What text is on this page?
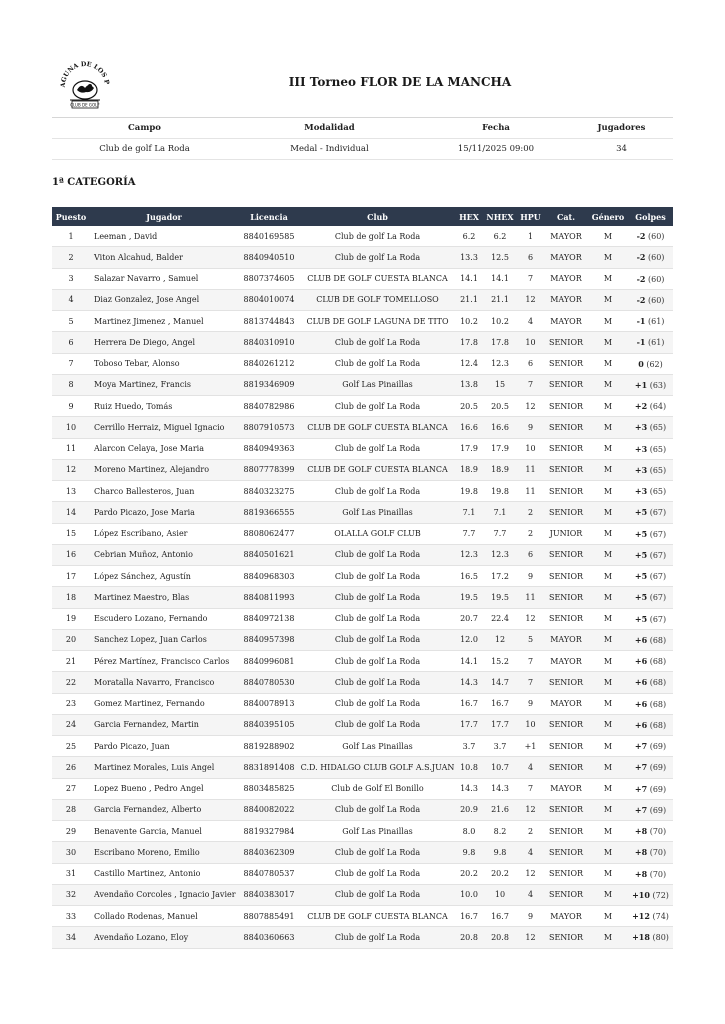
AGUNA DE LOS P
CLUB DE GOLF
III Torneo FLOR DE LA MANCHA
Campo	Modalidad	Fecha	Jugadores
Club de golf La Roda	Medal - Individual	15/11/2025 09:00	34
1ª CATEGORÍA
Puesto	Jugador	Licencia	Club	HEX	NHEX	HPU	Cat.	Género	Golpes
1	Leeman , David	8840169585	Club de golf La Roda	6.2	6.2	1	MAYOR	M	-2 (60)
2	Viton Alcahud, Balder	8840940510	Club de golf La Roda	13.3	12.5	6	MAYOR	M	-2 (60)
3	Salazar Navarro , Samuel	8807374605	CLUB DE GOLF CUESTA BLANCA	14.1	14.1	7	MAYOR	M	-2 (60)
4	Diaz Gonzalez, Jose Angel	8804010074	CLUB DE GOLF TOMELLOSO	21.1	21.1	12	MAYOR	M	-2 (60)
5	Martinez Jimenez , Manuel	8813744843	CLUB DE GOLF LAGUNA DE TITO	10.2	10.2	4	MAYOR	M	-1 (61)
6	Herrera De Diego, Angel	8840310910	Club de golf La Roda	17.8	17.8	10	SENIOR	M	-1 (61)
7	Toboso Tebar, Alonso	8840261212	Club de golf La Roda	12.4	12.3	6	SENIOR	M	0 (62)
8	Moya Martinez, Francis	8819346909	Golf Las Pinaillas	13.8	15	7	SENIOR	M	+1 (63)
9	Ruiz Huedo, Tomás	8840782986	Club de golf La Roda	20.5	20.5	12	SENIOR	M	+2 (64)
10	Cerrillo Herraiz, Miguel Ignacio	8807910573	CLUB DE GOLF CUESTA BLANCA	16.6	16.6	9	SENIOR	M	+3 (65)
11	Alarcon Celaya, Jose Maria	8840949363	Club de golf La Roda	17.9	17.9	10	SENIOR	M	+3 (65)
12	Moreno Martinez, Alejandro	8807778399	CLUB DE GOLF CUESTA BLANCA	18.9	18.9	11	SENIOR	M	+3 (65)
13	Charco Ballesteros, Juan	8840323275	Club de golf La Roda	19.8	19.8	11	SENIOR	M	+3 (65)
14	Pardo Picazo, Jose Maria	8819366555	Golf Las Pinaillas	7.1	7.1	2	SENIOR	M	+5 (67)
15	López Escribano, Asier	8808062477	OLALLA GOLF CLUB	7.7	7.7	2	JUNIOR	M	+5 (67)
16	Cebrian Muñoz, Antonio	8840501621	Club de golf La Roda	12.3	12.3	6	SENIOR	M	+5 (67)
17	López Sánchez, Agustín	8840968303	Club de golf La Roda	16.5	17.2	9	SENIOR	M	+5 (67)
18	Martinez Maestro, Blas	8840811993	Club de golf La Roda	19.5	19.5	11	SENIOR	M	+5 (67)
19	Escudero Lozano, Fernando	8840972138	Club de golf La Roda	20.7	22.4	12	SENIOR	M	+5 (67)
20	Sanchez Lopez, Juan Carlos	8840957398	Club de golf La Roda	12.0	12	5	MAYOR	M	+6 (68)
21	Pérez Martínez, Francisco Carlos	8840996081	Club de golf La Roda	14.1	15.2	7	MAYOR	M	+6 (68)
22	Moratalla Navarro, Francisco	8840780530	Club de golf La Roda	14.3	14.7	7	SENIOR	M	+6 (68)
23	Gomez Martinez, Fernando	8840078913	Club de golf La Roda	16.7	16.7	9	MAYOR	M	+6 (68)
24	Garcia Fernandez, Martin	8840395105	Club de golf La Roda	17.7	17.7	10	SENIOR	M	+6 (68)
25	Pardo Picazo, Juan	8819288902	Golf Las Pinaillas	3.7	3.7	+1	SENIOR	M	+7 (69)
26	Martinez Morales, Luis Angel	8831891408	C.D. HIDALGO CLUB GOLF A.S.JUAN	10.8	10.7	4	SENIOR	M	+7 (69)
27	Lopez Bueno , Pedro Angel	8803485825	Club de Golf El Bonillo	14.3	14.3	7	MAYOR	M	+7 (69)
28	Garcia Fernandez, Alberto	8840082022	Club de golf La Roda	20.9	21.6	12	SENIOR	M	+7 (69)
29	Benavente Garcia, Manuel	8819327984	Golf Las Pinaillas	8.0	8.2	2	SENIOR	M	+8 (70)
30	Escribano Moreno, Emilio	8840362309	Club de golf La Roda	9.8	9.8	4	SENIOR	M	+8 (70)
31	Castillo Martinez, Antonio	8840780537	Club de golf La Roda	20.2	20.2	12	SENIOR	M	+8 (70)
32	Avendaño Corcoles , Ignacio Javier	8840383017	Club de golf La Roda	10.0	10	4	SENIOR	M	+10 (72)
33	Collado Rodenas, Manuel	8807885491	CLUB DE GOLF CUESTA BLANCA	16.7	16.7	9	MAYOR	M	+12 (74)
34	Avendaño Lozano, Eloy	8840360663	Club de golf La Roda	20.8	20.8	12	SENIOR	M	+18 (80)
